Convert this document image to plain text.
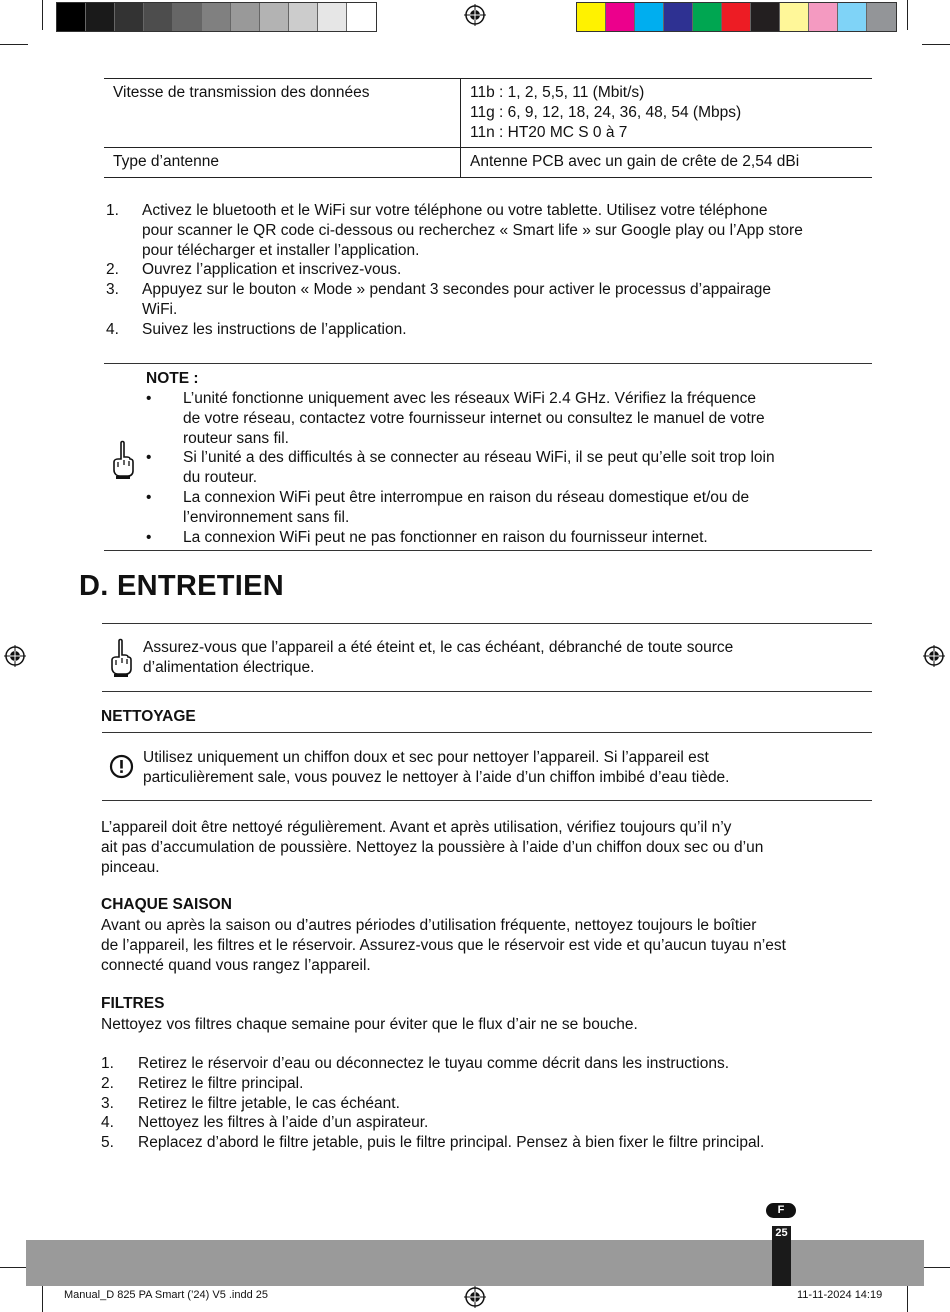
Vitesse de transmission des données	11b : 1, 2, 5,5, 11 (Mbit/s)
11g : 6, 9, 12, 18, 24, 36, 48, 54 (Mbps)
11n : HT20 MC S 0 à 7

Type d’antenne	Antenne PCB avec un gain de crête de 2,54 dBi
1. Activez le bluetooth et le WiFi sur votre téléphone ou votre tablette. Utilisez votre téléphone
pour scanner le QR code ci-dessous ou recherchez « Smart life » sur Google play ou l’App store
pour télécharger et installer l’application.
2. Ouvrez l’application et inscrivez-vous.
3. Appuyez sur le bouton « Mode » pendant 3 secondes pour activer le processus d’appairage
WiFi.
4. Suivez les instructions de l’application.
NOTE :
• L’unité fonctionne uniquement avec les réseaux WiFi 2.4 GHz. Vérifiez la fréquence
de votre réseau, contactez votre fournisseur internet ou consultez le manuel de votre
routeur sans fil.
• Si l’unité a des difficultés à se connecter au réseau WiFi, il se peut qu’elle soit trop loin
du routeur.
• La connexion WiFi peut être interrompue en raison du réseau domestique et/ou de
l’environnement sans fil.
• La connexion WiFi peut ne pas fonctionner en raison du fournisseur internet.
D. ENTRETIEN
Assurez-vous que l’appareil a été éteint et, le cas échéant, débranché de toute source
d’alimentation électrique.
NETTOYAGE
Utilisez uniquement un chiffon doux et sec pour nettoyer l’appareil. Si l’appareil est
particulièrement sale, vous pouvez le nettoyer à l’aide d’un chiffon imbibé d’eau tiède.
L’appareil doit être nettoyé régulièrement. Avant et après utilisation, vérifiez toujours qu’il n’y
ait pas d’accumulation de poussière. Nettoyez la poussière à l’aide d’un chiffon doux sec ou d’un
pinceau.
CHAQUE SAISON
Avant ou après la saison ou d’autres périodes d’utilisation fréquente, nettoyez toujours le boîtier
de l’appareil, les filtres et le réservoir. Assurez-vous que le réservoir est vide et qu’aucun tuyau n’est
connecté quand vous rangez l’appareil.
FILTRES
Nettoyez vos filtres chaque semaine pour éviter que le flux d’air ne se bouche.
1. Retirez le réservoir d’eau ou déconnectez le tuyau comme décrit dans les instructions.
2. Retirez le filtre principal.
3. Retirez le filtre jetable, le cas échéant.
4. Nettoyez les filtres à l’aide d’un aspirateur.
5. Replacez d’abord le filtre jetable, puis le filtre principal. Pensez à bien fixer le filtre principal.
F
25
Manual_D 825 PA Smart (’24) V5 .indd 25	11-11-2024 14:19
